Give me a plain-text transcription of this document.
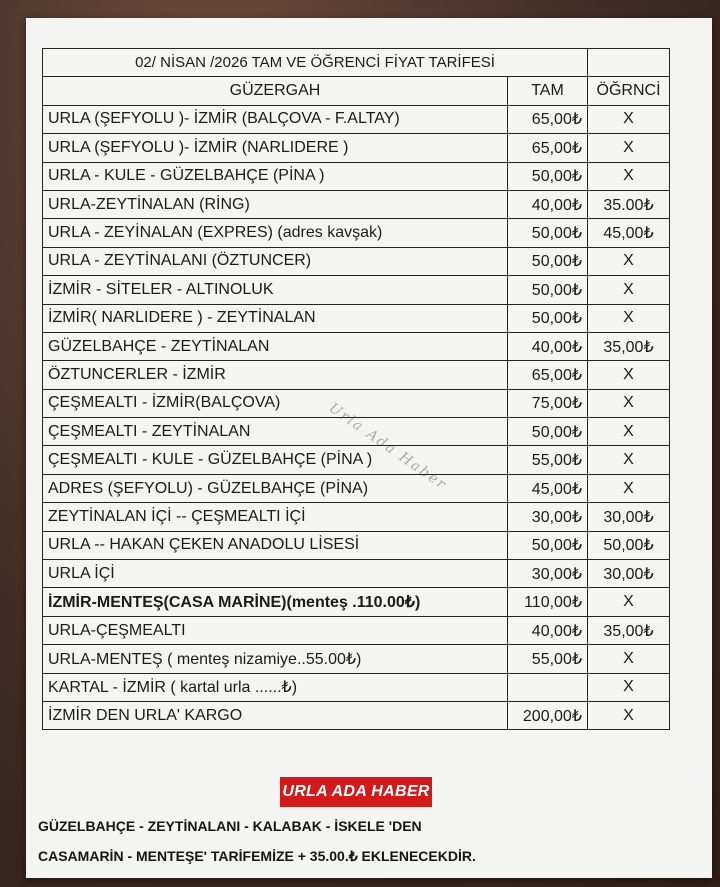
02/ NİSAN /2026 TAM VE ÖĞRENCİ FİYAT TARİFESİ		
GÜZERGAH	TAM	ÖĞRNCİ
URLA (ŞEFYOLU )- İZMİR (BALÇOVA - F.ALTAY)	65,00₺	X
URLA (ŞEFYOLU )- İZMİR (NARLIDERE )	65,00₺	X
URLA - KULE - GÜZELBAHÇE (PİNA )	50,00₺	X
URLA-ZEYTİNALAN (RİNG)	40,00₺	35.00₺
URLA - ZEYİNALAN (EXPRES) (adres kavşak)	50,00₺	45,00₺
URLA - ZEYTİNALANI (ÖZTUNCER)	50,00₺	X
İZMİR - SİTELER - ALTINOLUK	50,00₺	X
İZMİR( NARLIDERE ) - ZEYTİNALAN	50,00₺	X
GÜZELBAHÇE - ZEYTİNALAN	40,00₺	35,00₺
ÖZTUNCERLER - İZMİR	65,00₺	X
ÇEŞMEALTI - İZMİR(BALÇOVA)	75,00₺	X
ÇEŞMEALTI - ZEYTİNALAN	50,00₺	X
ÇEŞMEALTI - KULE - GÜZELBAHÇE (PİNA )	55,00₺	X
ADRES (ŞEFYOLU) - GÜZELBAHÇE (PİNA)	45,00₺	X
ZEYTİNALAN İÇİ -- ÇEŞMEALTI İÇİ	30,00₺	30,00₺
URLA -- HAKAN ÇEKEN ANADOLU LİSESİ	50,00₺	50,00₺
URLA İÇİ	30,00₺	30,00₺
İZMİR-MENTEŞ(CASA MARİNE)(menteş .110.00₺)	110,00₺	X
URLA-ÇEŞMEALTI	40,00₺	35,00₺
URLA-MENTEŞ ( menteş nizamiye..55.00₺)	55,00₺	X
KARTAL - İZMİR ( kartal urla ......₺)		X
İZMİR DEN URLA' KARGO	200,00₺	X
Urla Ada Haber
URLA ADA HABER
GÜZELBAHÇE - ZEYTİNALANI - KALABAK - İSKELE 'DEN
CASAMARİN - MENTEŞE' TARİFEMİZE + 35.00.₺ EKLENECEKDİR.
